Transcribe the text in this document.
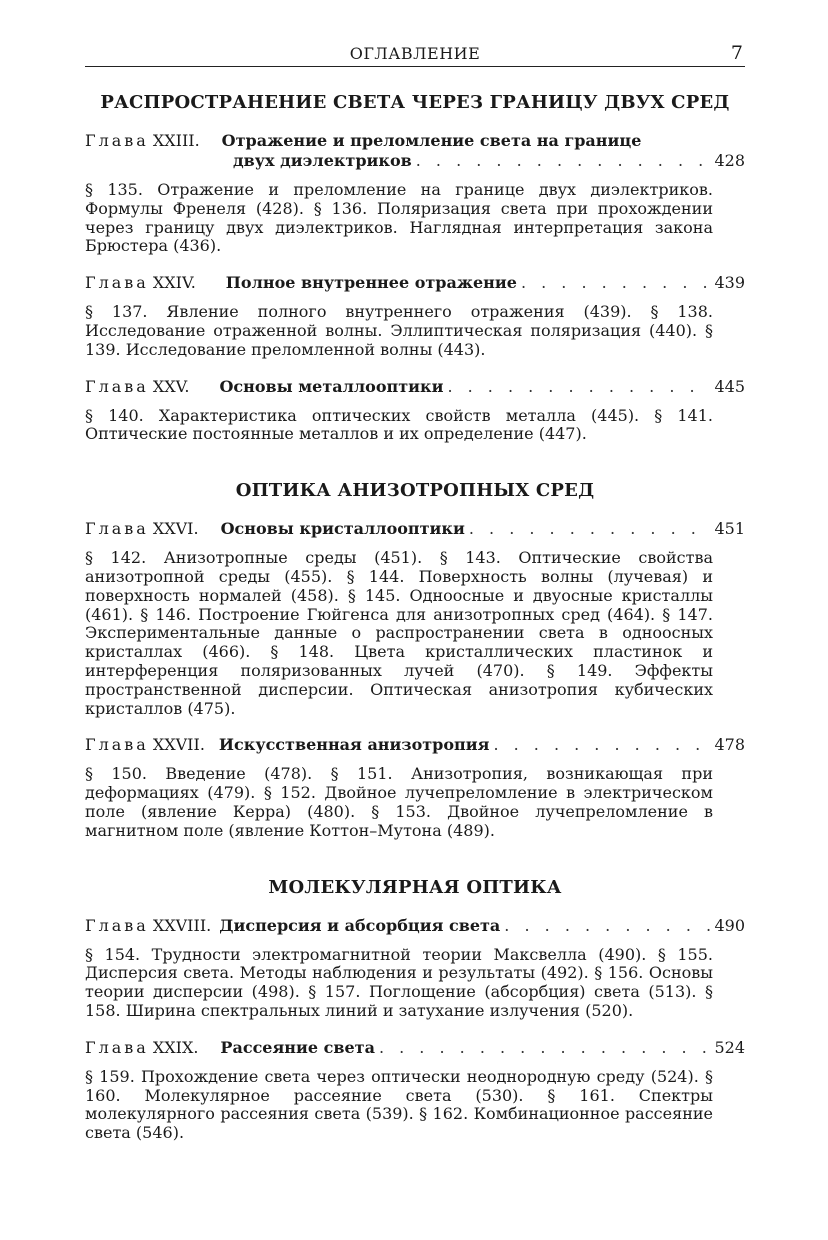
ОГЛАВЛЕНИЕ	7
РАСПРОСТРАНЕНИЕ СВЕТА ЧЕРЕЗ ГРАНИЦУ ДВУХ СРЕД
Глава XXIII. Отражение и преломление света на границе
двух диэлектриков . . .	428

§ 135. Отражение и преломление на границе двух диэлектриков. Формулы Френеля (428). § 136. Поляризация света при прохождении через границу двух диэлектриков. Наглядная интерпретация закона Брюстера (436).

Глава XXIV. Полное внутреннее отражение . . .	439

§ 137. Явление полного внутреннего отражения (439). § 138. Исследование отраженной волны. Эллиптическая поляризация (440). § 139. Исследование преломленной волны (443).

Глава XXV. Основы металлооптики . . .	445

§ 140. Характеристика оптических свойств металла (445). § 141. Оптические постоянные металлов и их определение (447).

ОПТИКА АНИЗОТРОПНЫХ СРЕД
Глава XXVI. Основы кристаллооптики . . .	451

§ 142. Анизотропные среды (451). § 143. Оптические свойства анизотропной среды (455). § 144. Поверхность волны (лучевая) и поверхность нормалей (458). § 145. Одноосные и двуосные кристаллы (461). § 146. Построение Гюйгенса для анизотропных сред (464). § 147. Экспериментальные данные о распространении света в одноосных кристаллах (466). § 148. Цвета кристаллических пластинок и интерференция поляризованных лучей (470). § 149. Эффекты пространственной дисперсии. Оптическая анизотропия кубических кристаллов (475).

Глава XXVII. Искусственная анизотропия . . .	478

§ 150. Введение (478). § 151. Анизотропия, возникающая при деформациях (479). § 152. Двойное лучепреломление в электрическом поле (явление Керра) (480). § 153. Двойное лучепреломление в магнитном поле (явление Коттон–Мутона (489).

МОЛЕКУЛЯРНАЯ ОПТИКА
Глава XXVIII. Дисперсия и абсорбция света . . .	490

§ 154. Трудности электромагнитной теории Максвелла (490). § 155. Дисперсия света. Методы наблюдения и результаты (492). § 156. Основы теории дисперсии (498). § 157. Поглощение (абсорбция) света (513). § 158. Ширина спектральных линий и затухание излучения (520).

Глава XXIX. Рассеяние света . . .	524

§ 159. Прохождение света через оптически неоднородную среду (524). § 160. Молекулярное рассеяние света (530). § 161. Спектры молекулярного рассеяния света (539). § 162. Комбинационное рассеяние света (546).
